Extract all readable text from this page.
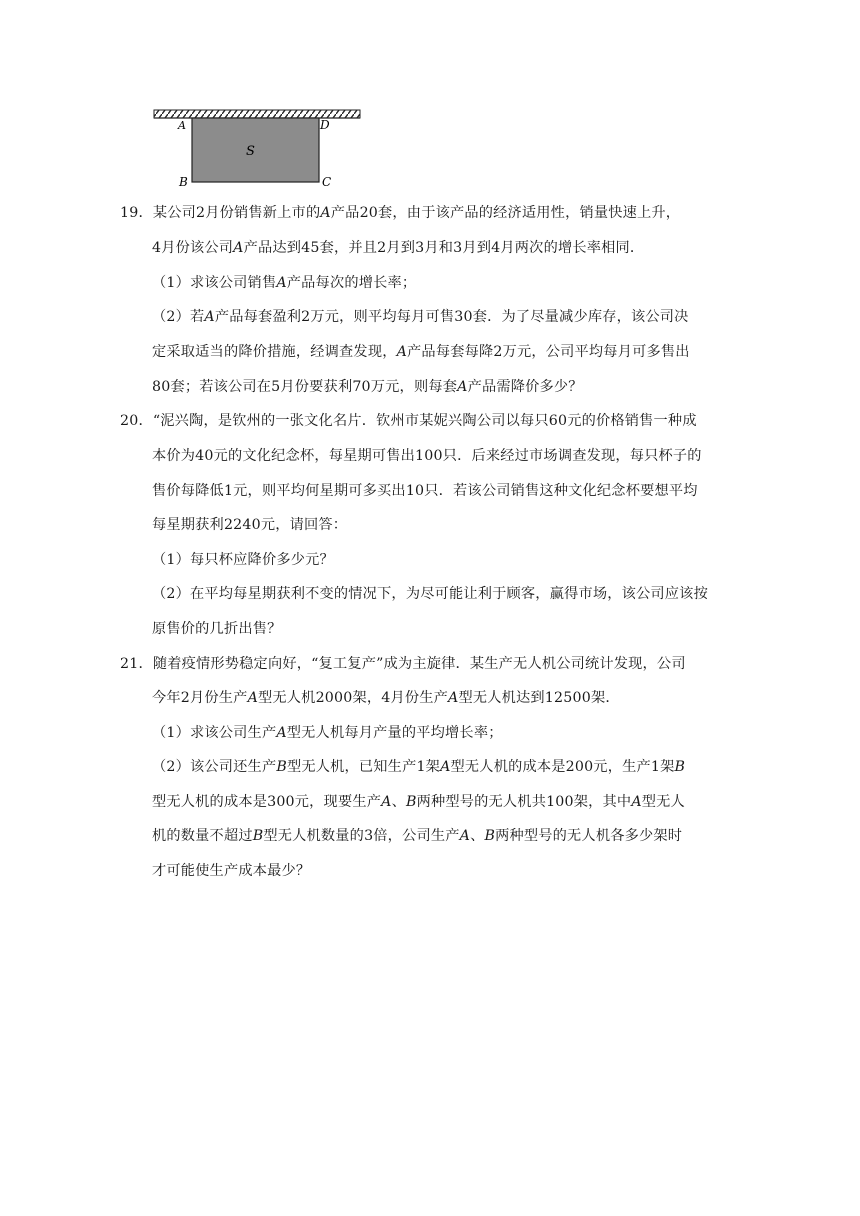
A	D
B	C
S
19．某公司2月份销售新上市的A产品20套，由于该产品的经济适用性，销量快速上升，
4月份该公司A产品达到45套，并且2月到3月和3月到4月两次的增长率相同．
（1）求该公司销售A产品每次的增长率；
（2）若A产品每套盈利2万元，则平均每月可售30套．为了尽量减少库存，该公司决
定采取适当的降价措施，经调查发现，A产品每套每降2万元，公司平均每月可多售出
80套；若该公司在5月份要获利70万元，则每套A产品需降价多少？
20．“泥兴陶，是钦州的一张文化名片．钦州市某妮兴陶公司以每只60元的价格销售一种成
本价为40元的文化纪念杯，每星期可售出100只．后来经过市场调查发现，每只杯子的
售价每降低1元，则平均何星期可多买出10只．若该公司销售这种文化纪念杯要想平均
每星期获利2240元，请回答：
（1）每只杯应降价多少元？
（2）在平均每星期获利不变的情况下，为尽可能让利于顾客，赢得市场，该公司应该按
原售价的几折出售？
21．随着疫情形势稳定向好，“复工复产”成为主旋律．某生产无人机公司统计发现，公司
今年2月份生产A型无人机2000架，4月份生产A型无人机达到12500架．
（1）求该公司生产A型无人机每月产量的平均增长率；
（2）该公司还生产B型无人机，已知生产1架A型无人机的成本是200元，生产1架B
型无人机的成本是300元，现要生产A、B两种型号的无人机共100架，其中A型无人
机的数量不超过B型无人机数量的3倍，公司生产A、B两种型号的无人机各多少架时
才可能使生产成本最少？
